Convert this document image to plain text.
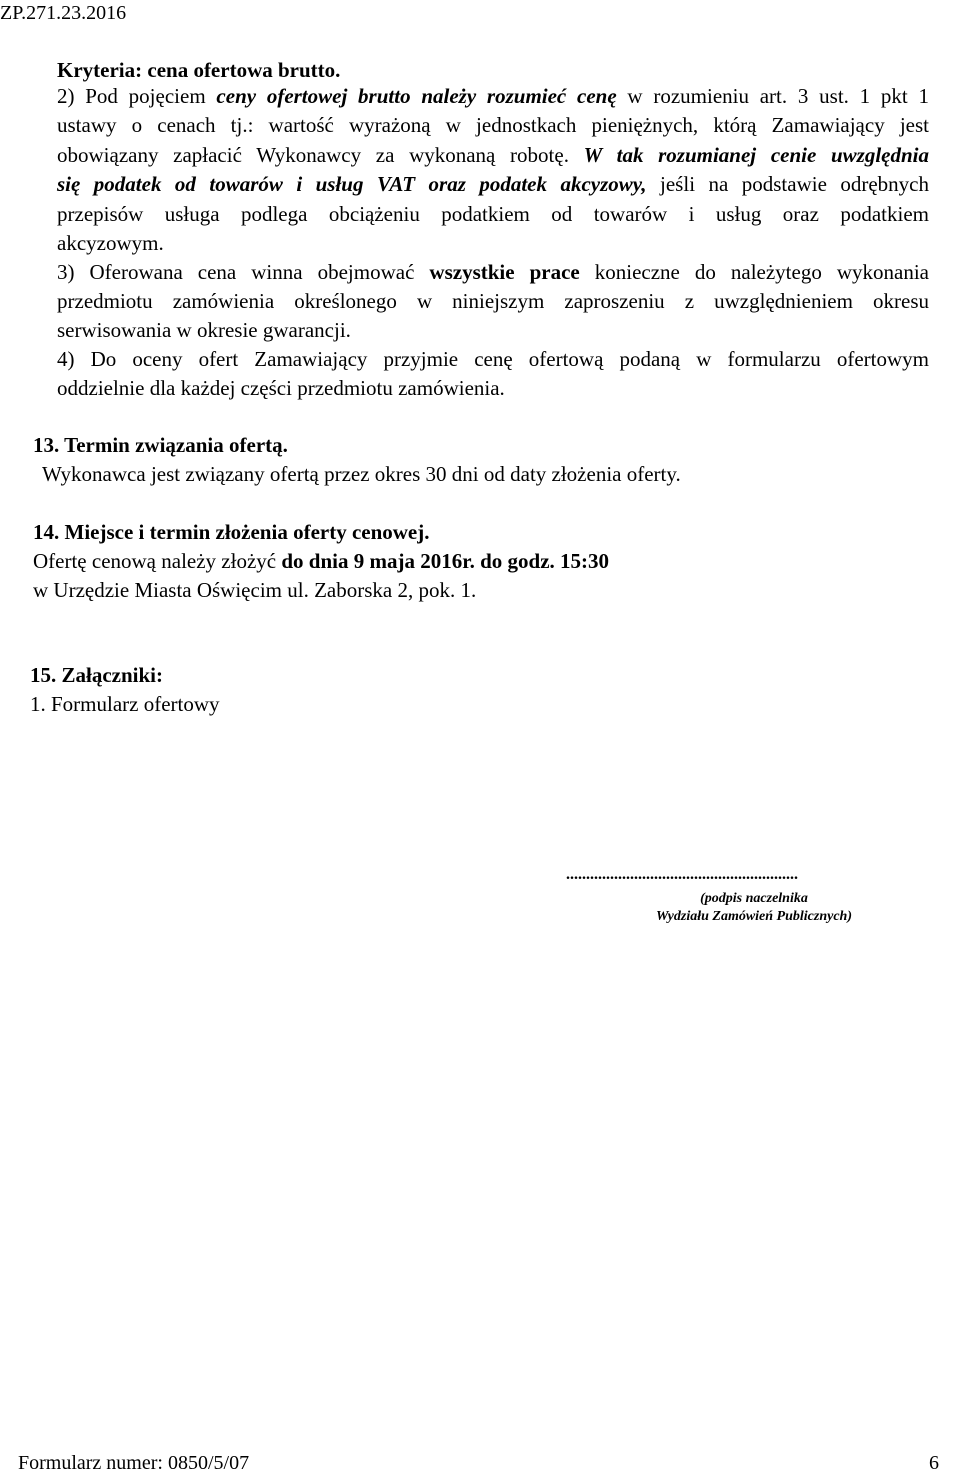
ZP.271.23.2016
Kryteria: cena ofertowa brutto.
2) Pod pojęciem ceny ofertowej brutto należy rozumieć cenę w rozumieniu art. 3 ust. 1 pkt 1
ustawy o cenach tj.: wartość wyrażoną w jednostkach pieniężnych, którą Zamawiający jest
obowiązany zapłacić Wykonawcy za wykonaną robotę. W tak rozumianej cenie uwzględnia
się podatek od towarów i usług VAT oraz podatek akcyzowy, jeśli na podstawie odrębnych
przepisów usługa podlega obciążeniu podatkiem od towarów i usług oraz podatkiem
akcyzowym.
3) Oferowana cena winna obejmować wszystkie prace konieczne do należytego wykonania
przedmiotu zamówienia określonego w niniejszym zaproszeniu z uwzględnieniem okresu
serwisowania w okresie gwarancji.
4) Do oceny ofert Zamawiający przyjmie cenę ofertową podaną w formularzu ofertowym
oddzielnie dla każdej części przedmiotu zamówienia.
13. Termin związania ofertą.
Wykonawca jest związany ofertą przez okres 30 dni od daty złożenia oferty.
14. Miejsce i termin złożenia oferty cenowej.
Ofertę cenową należy złożyć do dnia 9 maja 2016r. do godz. 15:30
w Urzędzie Miasta Oświęcim ul. Zaborska 2, pok. 1.
15. Załączniki:
1. Formularz ofertowy
..........................................................
(podpis naczelnika
Wydziału Zamówień Publicznych)
Formularz numer: 0850/5/07	6
